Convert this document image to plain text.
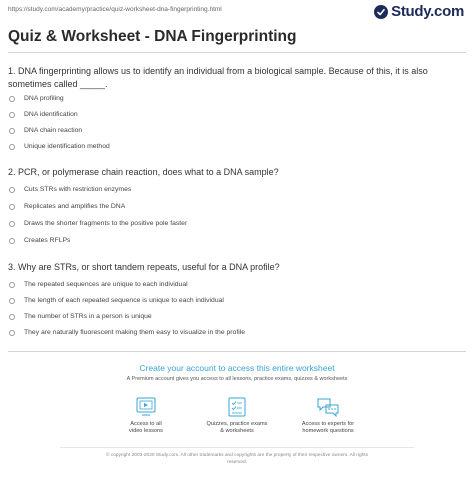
https://study.com/academy/practice/quiz-worksheet-dna-fingerprinting.html	Study.com
Quiz & Worksheet - DNA Fingerprinting
1. DNA fingerprinting allows us to identify an individual from a biological sample. Because of this, it is also
sometimes called _____.
DNA profiling
DNA identification
DNA chain reaction
Unique identification method
2. PCR, or polymerase chain reaction, does what to a DNA sample?
Cuts STRs with restriction enzymes
Replicates and amplifies the DNA
Draws the shorter fragments to the positive pole faster
Creates RFLPs
3. Why are STRs, or short tandem repeats, useful for a DNA profile?
The repeated sequences are unique to each individual
The length of each repeated sequence is unique to each individual
The number of STRs in a person is unique
They are naturally fluorescent making them easy to visualize in the profile
Create your account to access this entire worksheet
A Premium account gives you access to all lessons, practice exams, quizzes & worksheets
Access to all
video lessons
Quizzes, practice exams
& worksheets
Access to experts for
homework questions
© copyright 2003-2020 Study.com. All other trademarks and copyrights are the property of their respective owners. All rights
reserved.
